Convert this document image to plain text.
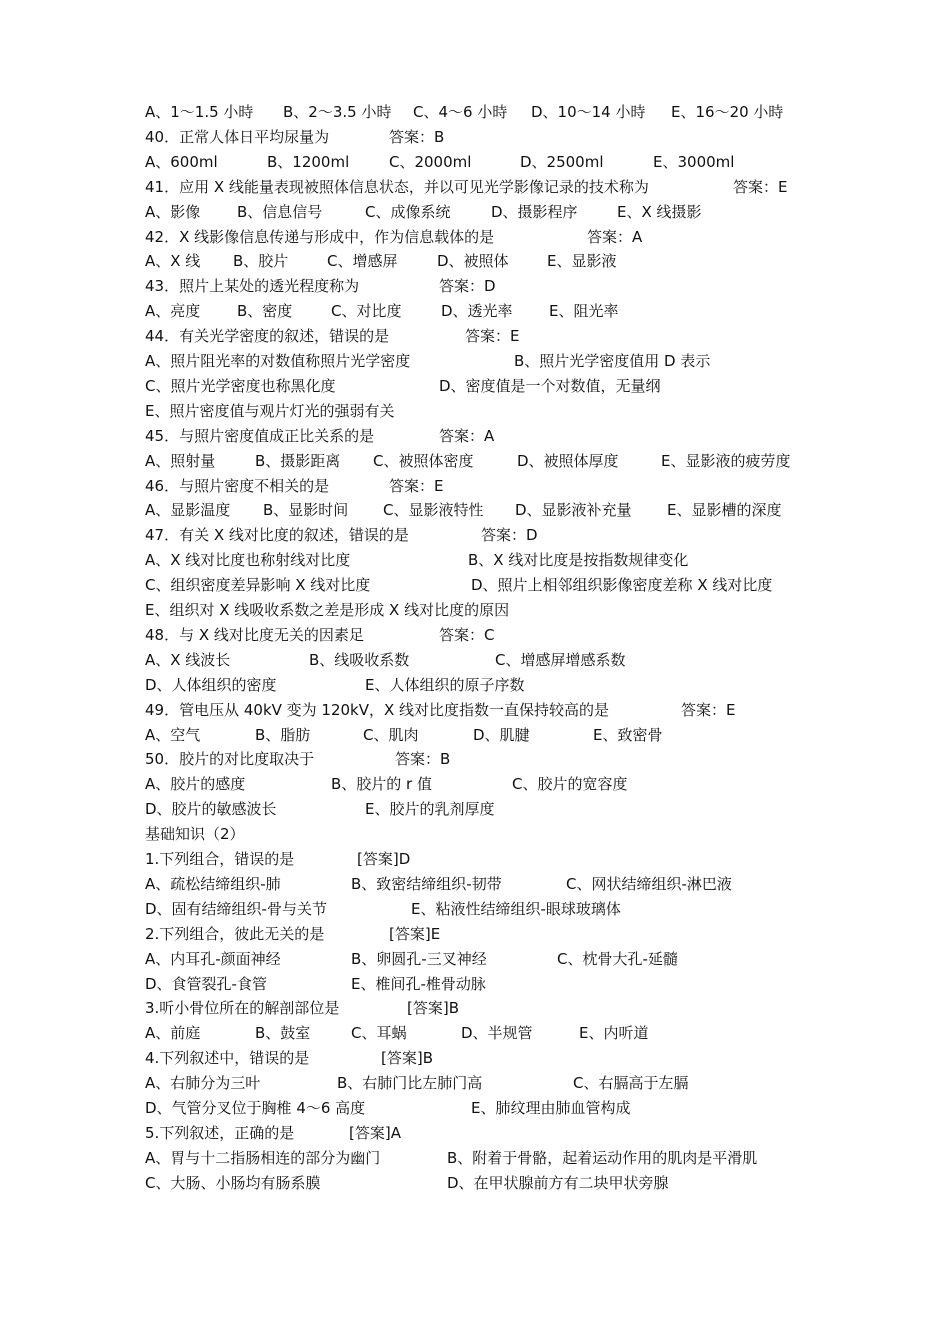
A、1～1.5 小時 B、2～3.5 小時 C、4～6 小時 D、10～14 小時 E、16～20 小時
40．正常人体日平均尿量为	答案：B
A、600ml	B、1200ml	C、2000ml	D、2500ml	E、3000ml
41．应用 X 线能量表现被照体信息状态，并以可见光学影像记录的技术称为	答案：E
A、影像 B、信息信号	C、成像系统	D、摄影程序	E、X 线摄影
42．X 线影像信息传递与形成中，作为信息载体的是	答案：A
A、X 线 B、胶片	C、增感屏	D、被照体	E、显影液
43．照片上某处的透光程度称为	答案：D
A、亮度 B、密度	C、对比度	D、透光率 E、阻光率
44．有关光学密度的叙述，错误的是	答案：E
A、照片阻光率的对数值称照片光学密度	B、照片光学密度值用 D 表示
C、照片光学密度也称黑化度	D、密度值是一个对数值，无量纲
E、照片密度值与观片灯光的强弱有关
45．与照片密度值成正比关系的是	答案：A
A、照射量	B、摄影距离 C、被照体密度	D、被照体厚度	E、显影液的疲劳度
46．与照片密度不相关的是	答案：E
A、显影温度 B、显影时间 C、显影液特性 D、显影液补充量 E、显影槽的深度
47．有关 X 线对比度的叙述，错误的是	答案：D
A、X 线对比度也称射线对比度	B、X 线对比度是按指数规律变化
C、组织密度差异影响 X 线对比度	D、照片上相邻组织影像密度差称 X 线对比度
E、组织对 X 线吸收系数之差是形成 X 线对比度的原因
48．与 X 线对比度无关的因素足	答案：C
A、X 线波长	B、线吸收系数	C、增感屏增感系数
D、人体组织的密度	E、人体组织的原子序数
49．管电压从 40kV 变为 120kV，X 线对比度指数一直保持较高的是	答案：E
A、空气	B、脂肪	C、肌肉	D、肌腱	E、致密骨
50．胶片的对比度取决于	答案：B
A、胶片的感度	B、胶片的 r 值	C、胶片的宽容度
D、胶片的敏感波长	E、胶片的乳剂厚度
基础知识（2）
1.下列组合，错误的是	[答案]D
A、疏松结缔组织-肺	B、致密结缔组织-韧带	C、网状结缔组织-淋巴液
D、固有结缔组织-骨与关节	E、粘液性结缔组织-眼球玻璃体
2.下列组合，彼此无关的是	[答案]E
A、内耳孔-颜面神经	B、卵圆孔-三叉神经	C、枕骨大孔-延髓
D、食管裂孔-食管	E、椎间孔-椎骨动脉
3.听小骨位所在的解剖部位是	[答案]B
A、前庭	B、鼓室	C、耳蜗	D、半规管	E、内听道
4.下列叙述中，错误的是	[答案]B
A、右肺分为三叶	B、右肺门比左肺门高	C、右膈高于左膈
D、气管分叉位于胸椎 4～6 高度	E、肺纹理由肺血管构成
5.下列叙述，正确的是	[答案]A
A、胃与十二指肠相连的部分为幽门	B、附着于骨骼，起着运动作用的肌肉是平滑肌
C、大肠、小肠均有肠系膜	D、在甲状腺前方有二块甲状旁腺
